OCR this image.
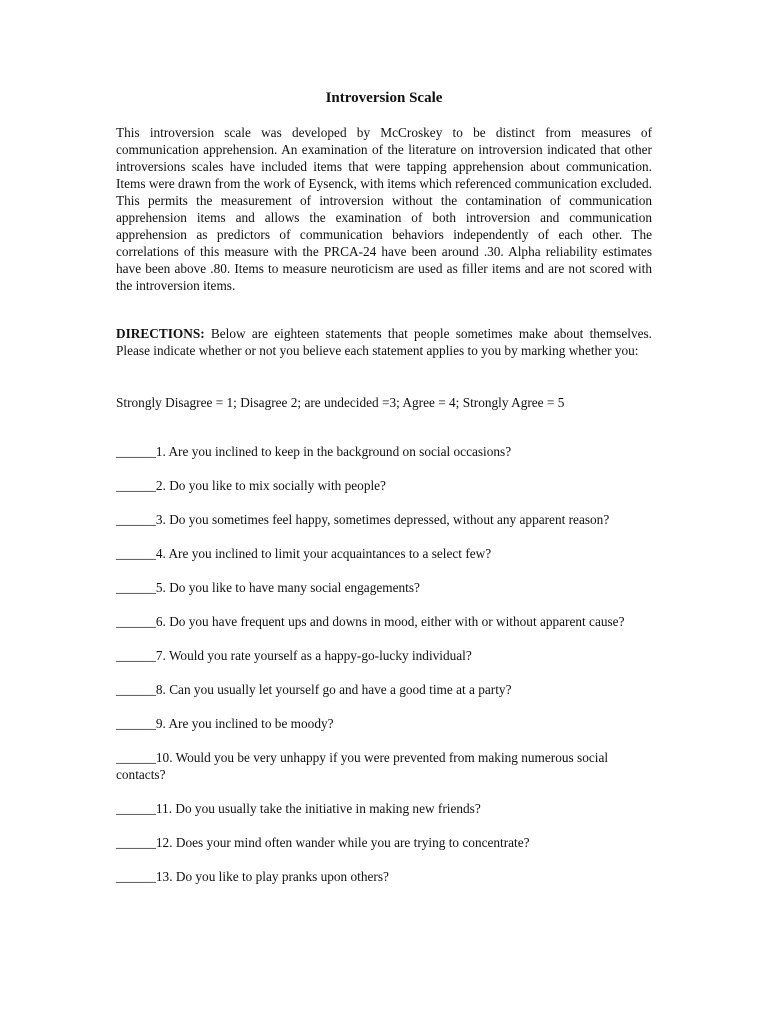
Introversion Scale

This introversion scale was developed by McCroskey to be distinct from measures of communication apprehension. An examination of the literature on introversion indicated that other introversions scales have included items that were tapping apprehension about communication. Items were drawn from the work of Eysenck, with items which referenced communication excluded. This permits the measurement of introversion without the contamination of communication apprehension items and allows the examination of both introversion and communication apprehension as predictors of communication behaviors independently of each other. The correlations of this measure with the PRCA-24 have been around .30. Alpha reliability estimates have been above .80. Items to measure neuroticism are used as filler items and are not scored with the introversion items.

DIRECTIONS: Below are eighteen statements that people sometimes make about themselves. Please indicate whether or not you believe each statement applies to you by marking whether you:

Strongly Disagree = 1; Disagree 2; are undecided =3; Agree = 4; Strongly Agree = 5

______1. Are you inclined to keep in the background on social occasions?
______2. Do you like to mix socially with people?
______3. Do you sometimes feel happy, sometimes depressed, without any apparent reason?
______4. Are you inclined to limit your acquaintances to a select few?
______5. Do you like to have many social engagements?
______6. Do you have frequent ups and downs in mood, either with or without apparent cause?
______7. Would you rate yourself as a happy-go-lucky individual?
______8. Can you usually let yourself go and have a good time at a party?
______9. Are you inclined to be moody?
______10. Would you be very unhappy if you were prevented from making numerous social contacts?
______11. Do you usually take the initiative in making new friends?
______12. Does your mind often wander while you are trying to concentrate?
______13. Do you like to play pranks upon others?
